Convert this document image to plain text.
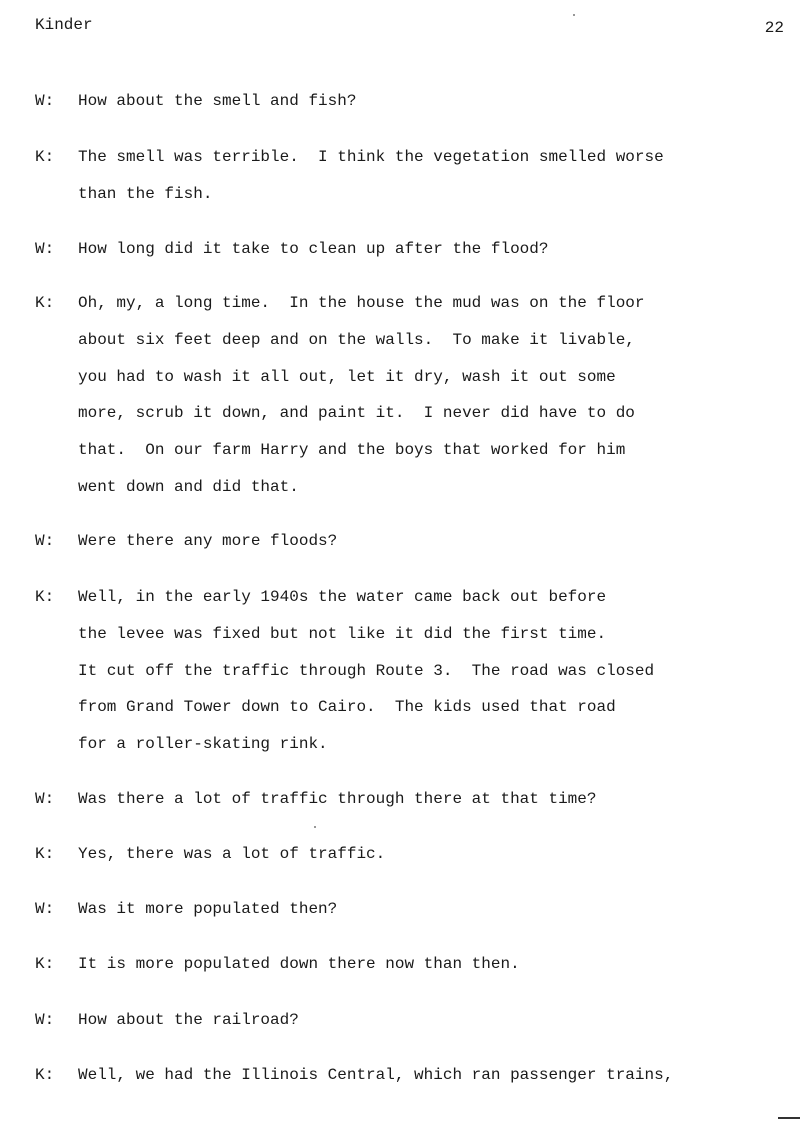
Kinder	22
W:	How about the smell and fish?
K:	The smell was terrible.  I think the vegetation smelled worse
than the fish.
W:	How long did it take to clean up after the flood?
K:	Oh, my, a long time.  In the house the mud was on the floor
about six feet deep and on the walls.  To make it livable,
you had to wash it all out, let it dry, wash it out some
more, scrub it down, and paint it.  I never did have to do
that.  On our farm Harry and the boys that worked for him
went down and did that.
W:	Were there any more floods?
K:	Well, in the early 1940s the water came back out before
the levee was fixed but not like it did the first time.
It cut off the traffic through Route 3.  The road was closed
from Grand Tower down to Cairo.  The kids used that road
for a roller-skating rink.
W:	Was there a lot of traffic through there at that time?
K:	Yes, there was a lot of traffic.
W:	Was it more populated then?
K:	It is more populated down there now than then.
W:	How about the railroad?
K:	Well, we had the Illinois Central, which ran passenger trains,
